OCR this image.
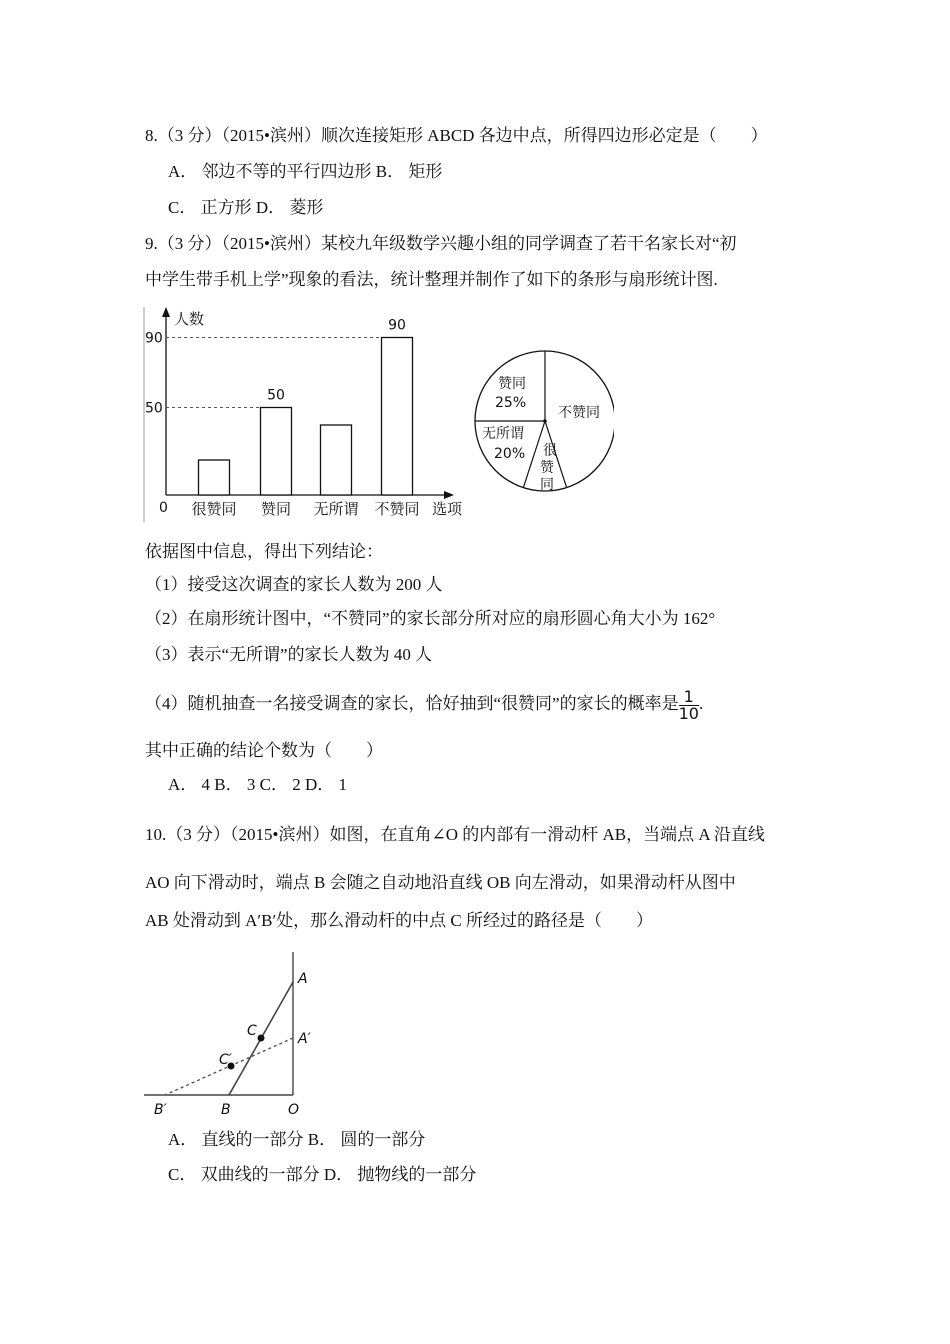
8.（3 分）（2015•滨州）顺次连接矩形 ABCD 各边中点，所得四边形必定是（　　）
A． 邻边不等的平行四边形 B． 矩形
C． 正方形 D． 菱形
9.（3 分）（2015•滨州）某校九年级数学兴趣小组的同学调查了若干名家长对“初
中学生带手机上学”现象的看法，统计整理并制作了如下的条形与扇形统计图.
人数
选项
0
90
50
很赞同 赞同
50
无所谓 不赞同
90
赞同
25%
无所谓
20% 很
赞
同
不赞同
依据图中信息，得出下列结论：
（1）接受这次调查的家长人数为 200 人
（2）在扇形统计图中，“不赞同”的家长部分所对应的扇形圆心角大小为 162°
（3）表示“无所谓”的家长人数为 40 人
（4）随机抽查一名接受调查的家长，恰好抽到“很赞同”的家长的概率是 $\frac{1}{10}$ .
其中正确的结论个数为（　　）
A． 4 B． 3 C． 2 D． 1
10.（3 分）（2015•滨州）如图，在直角∠O 的内部有一滑动杆 AB，当端点 A 沿直线
AO 向下滑动时，端点 B 会随之自动地沿直线 OB 向左滑动，如果滑动杆从图中
AB 处滑动到 A′B′处，那么滑动杆的中点 C 所经过的路径是（　　）
A
A′
C
C′
B′	B	O
A． 直线的一部分 B． 圆的一部分
C． 双曲线的一部分 D． 抛物线的一部分
